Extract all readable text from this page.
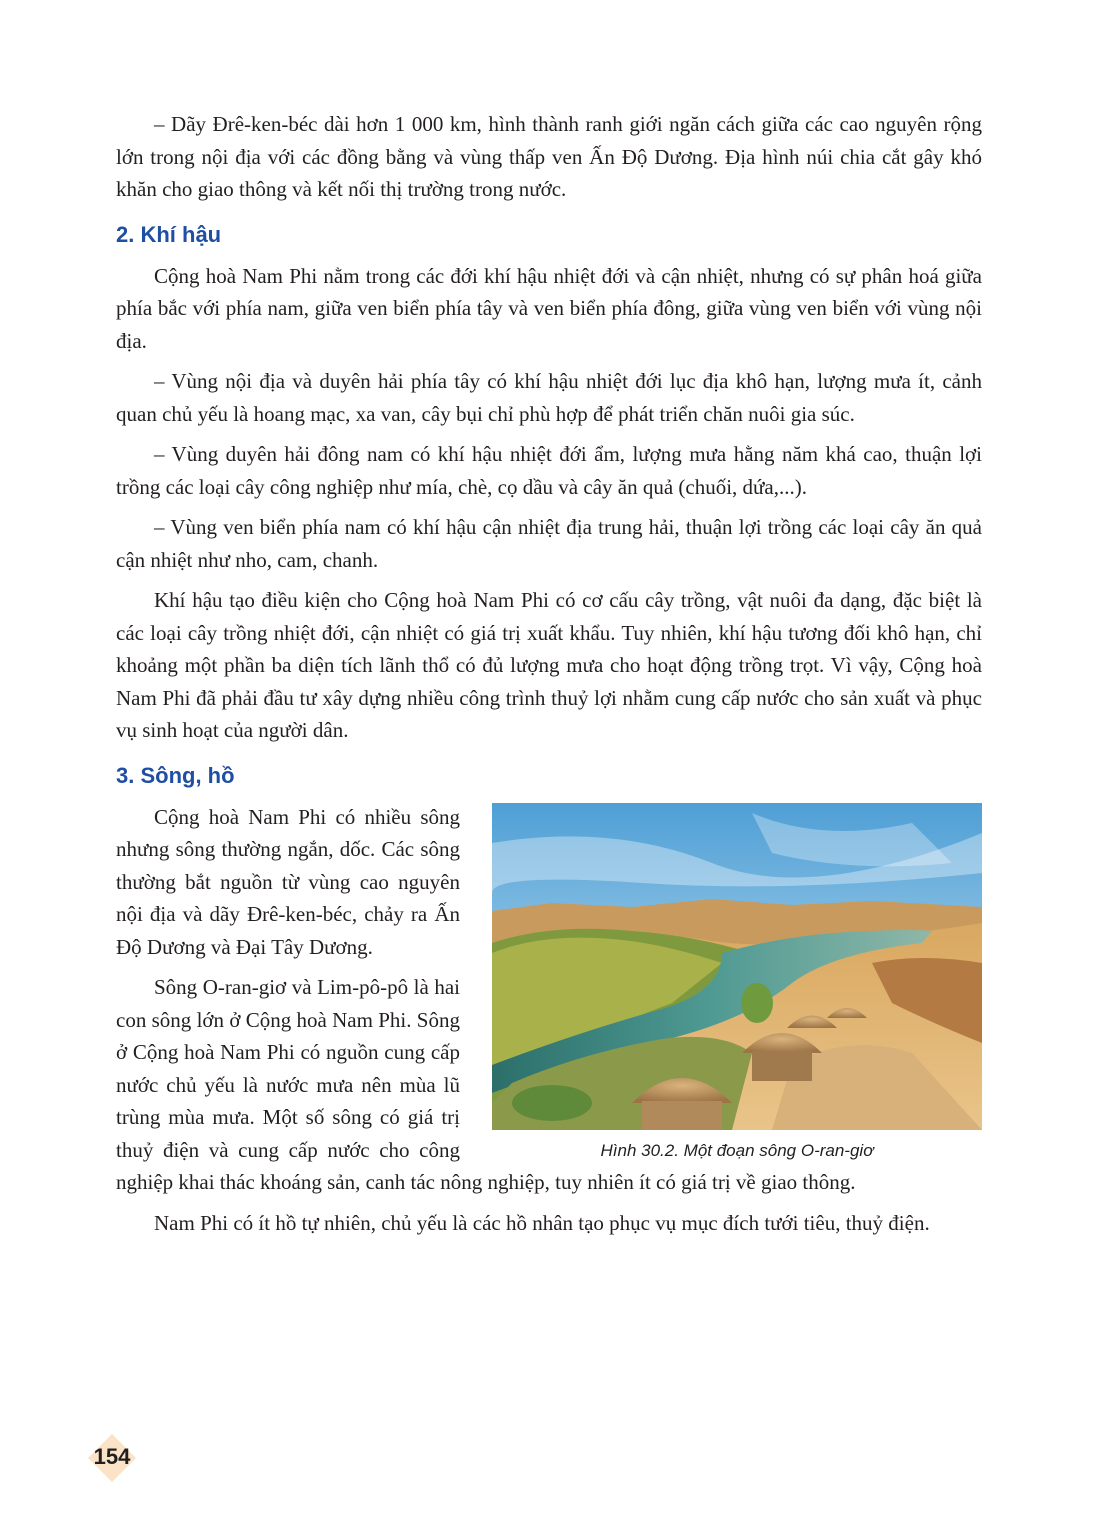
– Dãy Đrê-ken-béc dài hơn 1 000 km, hình thành ranh giới ngăn cách giữa các cao nguyên rộng lớn trong nội địa với các đồng bằng và vùng thấp ven Ấn Độ Dương. Địa hình núi chia cắt gây khó khăn cho giao thông và kết nối thị trường trong nước.

2. Khí hậu

Cộng hoà Nam Phi nằm trong các đới khí hậu nhiệt đới và cận nhiệt, nhưng có sự phân hoá giữa phía bắc với phía nam, giữa ven biển phía tây và ven biển phía đông, giữa vùng ven biển với vùng nội địa.

– Vùng nội địa và duyên hải phía tây có khí hậu nhiệt đới lục địa khô hạn, lượng mưa ít, cảnh quan chủ yếu là hoang mạc, xa van, cây bụi chỉ phù hợp để phát triển chăn nuôi gia súc.

– Vùng duyên hải đông nam có khí hậu nhiệt đới ẩm, lượng mưa hằng năm khá cao, thuận lợi trồng các loại cây công nghiệp như mía, chè, cọ dầu và cây ăn quả (chuối, dứa,...).

– Vùng ven biển phía nam có khí hậu cận nhiệt địa trung hải, thuận lợi trồng các loại cây ăn quả cận nhiệt như nho, cam, chanh.

Khí hậu tạo điều kiện cho Cộng hoà Nam Phi có cơ cấu cây trồng, vật nuôi đa dạng, đặc biệt là các loại cây trồng nhiệt đới, cận nhiệt có giá trị xuất khẩu. Tuy nhiên, khí hậu tương đối khô hạn, chỉ khoảng một phần ba diện tích lãnh thổ có đủ lượng mưa cho hoạt động trồng trọt. Vì vậy, Cộng hoà Nam Phi đã phải đầu tư xây dựng nhiều công trình thuỷ lợi nhằm cung cấp nước cho sản xuất và phục vụ sinh hoạt của người dân.

3. Sông, hồ
Hình 30.2. Một đoạn sông O-ran-giơ

Cộng hoà Nam Phi có nhiều sông nhưng sông thường ngắn, dốc. Các sông thường bắt nguồn từ vùng cao nguyên nội địa và dãy Đrê-ken-béc, chảy ra Ấn Độ Dương và Đại Tây Dương.

Sông O-ran-giơ và Lim-pô-pô là hai con sông lớn ở Cộng hoà Nam Phi. Sông ở Cộng hoà Nam Phi có nguồn cung cấp nước chủ yếu là nước mưa nên mùa lũ trùng mùa mưa. Một số sông có giá trị thuỷ điện và cung cấp nước cho công nghiệp khai thác khoáng sản, canh tác nông nghiệp, tuy nhiên ít có giá trị về giao thông.

Nam Phi có ít hồ tự nhiên, chủ yếu là các hồ nhân tạo phục vụ mục đích tưới tiêu, thuỷ điện.

154
